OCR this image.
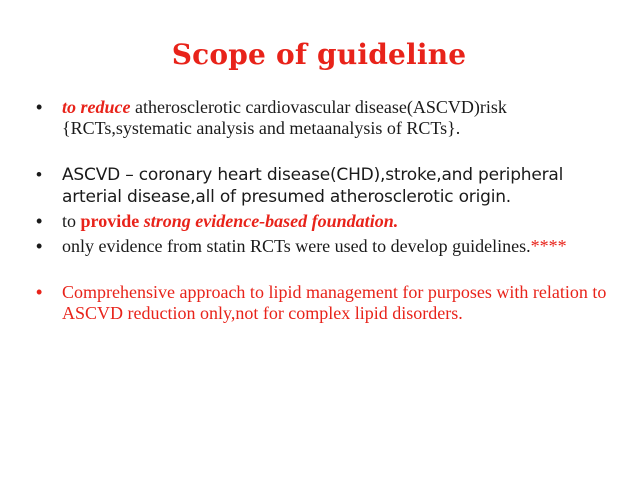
Scope of guideline
• to reduce atherosclerotic cardiovascular disease(ASCVD)risk {RCTs,systematic analysis and metaanalysis of RCTs}.
• ASCVD – coronary heart disease(CHD),stroke,and peripheral arterial disease,all of presumed atherosclerotic origin.
• to provide strong evidence-based foundation.
• only evidence from statin RCTs were used to develop guidelines.****
• Comprehensive approach to lipid management for purposes with relation to ASCVD reduction only,not for complex lipid disorders.
